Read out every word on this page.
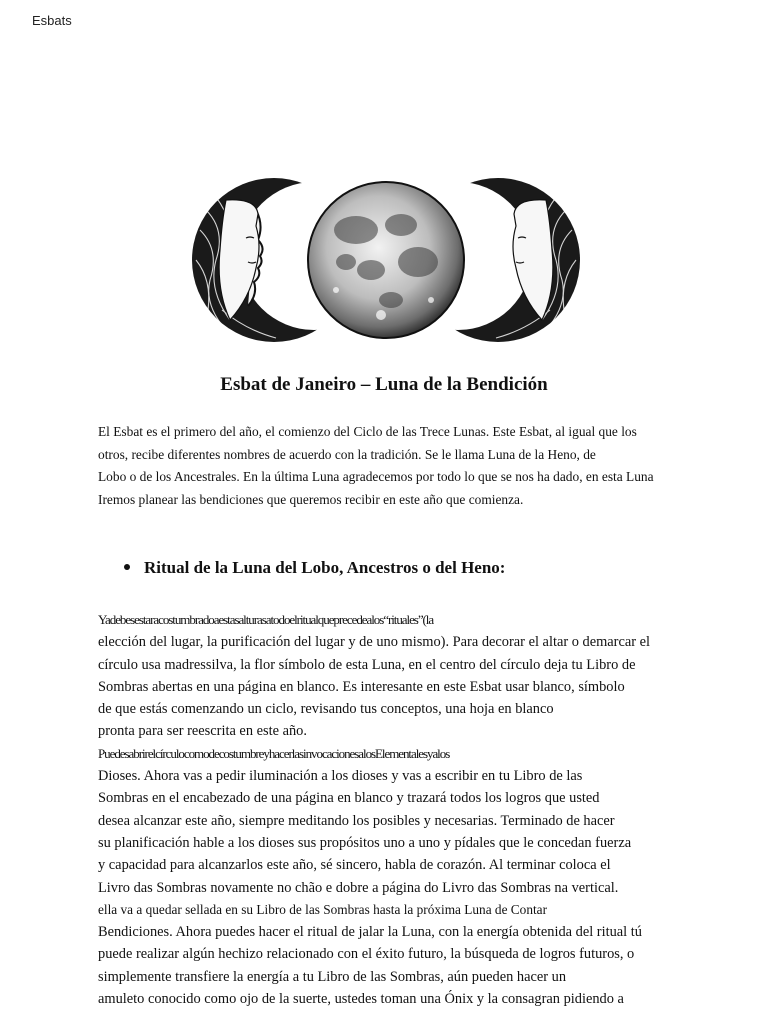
Esbats
Esbat de Janeiro – Luna de la Bendición
El Esbat es el primero del año, el comienzo del Ciclo de las Trece Lunas. Este Esbat, al igual que los
otros, recibe diferentes nombres de acuerdo con la tradición. Se le llama Luna de la Heno, de
Lobo o de los Ancestrales. En la última Luna agradecemos por todo lo que se nos ha dado, en esta Luna
Iremos planear las bendiciones que queremos recibir en este año que comienza.
Ritual de la Luna del Lobo, Ancestros o del Heno:
Ya debes estar acostumbrado a estas alturas a todo el ritual que precede a los “rituales” (la
elección del lugar, la purificación del lugar y de uno mismo). Para decorar el altar o demarcar el
círculo usa madressilva, la flor símbolo de esta Luna, en el centro del círculo deja tu Libro de
Sombras abertas en una página en blanco. Es interesante en este Esbat usar blanco, símbolo
de que estás comenzando un ciclo, revisando tus conceptos, una hoja en blanco
pronta para ser reescrita en este año.
Puedes abrir el círculo como de costumbre y hacer las invocaciones a los Elementales y a los
Dioses. Ahora vas a pedir iluminación a los dioses y vas a escribir en tu Libro de las
Sombras en el encabezado de una página en blanco y trazará todos los logros que usted
desea alcanzar este año, siempre meditando los posibles y necesarias. Terminado de hacer
su planificación hable a los dioses sus propósitos uno a uno y pídales que le concedan fuerza
y capacidad para alcanzarlos este año, sé sincero, habla de corazón. Al terminar coloca el
Livro das Sombras novamente no chão e dobre a página do Livro das Sombras na vertical.
ella va a quedar sellada en su Libro de las Sombras hasta la próxima Luna de Contar
Bendiciones. Ahora puedes hacer el ritual de jalar la Luna, con la energía obtenida del ritual tú
puede realizar algún hechizo relacionado con el éxito futuro, la búsqueda de logros futuros, o
simplemente transfiere la energía a tu Libro de las Sombras, aún pueden hacer un
amuleto conocido como ojo de la suerte, ustedes toman una Ónix y la consagran pidiendo a
